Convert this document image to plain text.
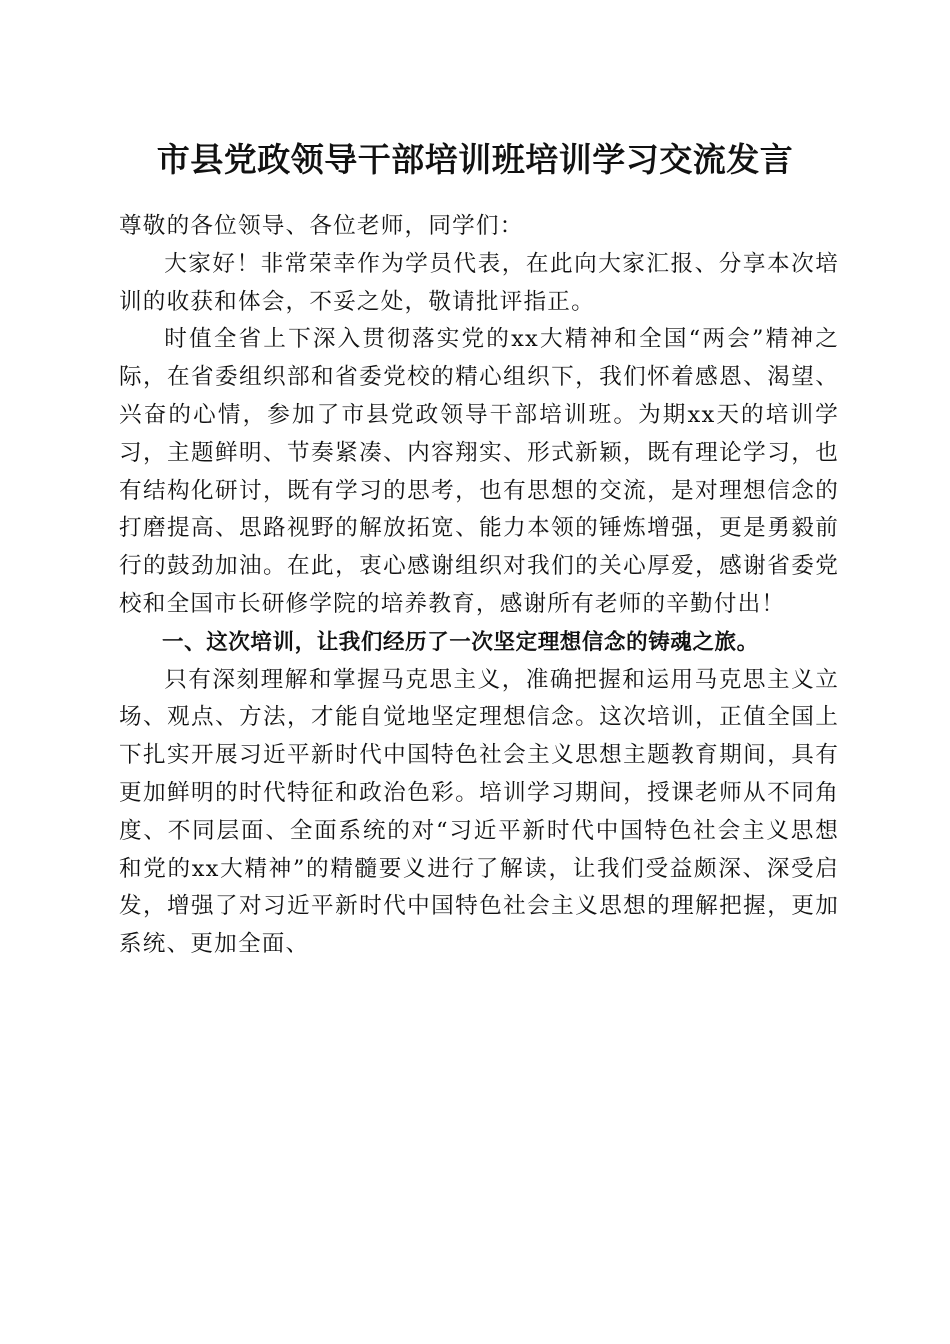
市县党政领导干部培训班培训学习交流发言

尊敬的各位领导、各位老师，同学们：

大家好！非常荣幸作为学员代表，在此向大家汇报、分享本次培训的收获和体会，不妥之处，敬请批评指正。

时值全省上下深入贯彻落实党的xx大精神和全国“两会”精神之际，在省委组织部和省委党校的精心组织下，我们怀着感恩、渴望、兴奋的心情，参加了市县党政领导干部培训班。为期xx天的培训学习，主题鲜明、节奏紧凑、内容翔实、形式新颖，既有理论学习，也有结构化研讨，既有学习的思考，也有思想的交流，是对理想信念的打磨提高、思路视野的解放拓宽、能力本领的锤炼增强，更是勇毅前行的鼓劲加油。在此，衷心感谢组织对我们的关心厚爱，感谢省委党校和全国市长研修学院的培养教育，感谢所有老师的辛勤付出！

一、这次培训，让我们经历了一次坚定理想信念的铸魂之旅。

只有深刻理解和掌握马克思主义，准确把握和运用马克思主义立场、观点、方法，才能自觉地坚定理想信念。这次培训，正值全国上下扎实开展习近平新时代中国特色社会主义思想主题教育期间，具有更加鲜明的时代特征和政治色彩。培训学习期间，授课老师从不同角度、不同层面、全面系统的对“习近平新时代中国特色社会主义思想和党的xx大精神”的精髓要义进行了解读，让我们受益颇深、深受启发，增强了对习近平新时代中国特色社会主义思想的理解把握，更加系统、更加全面、
